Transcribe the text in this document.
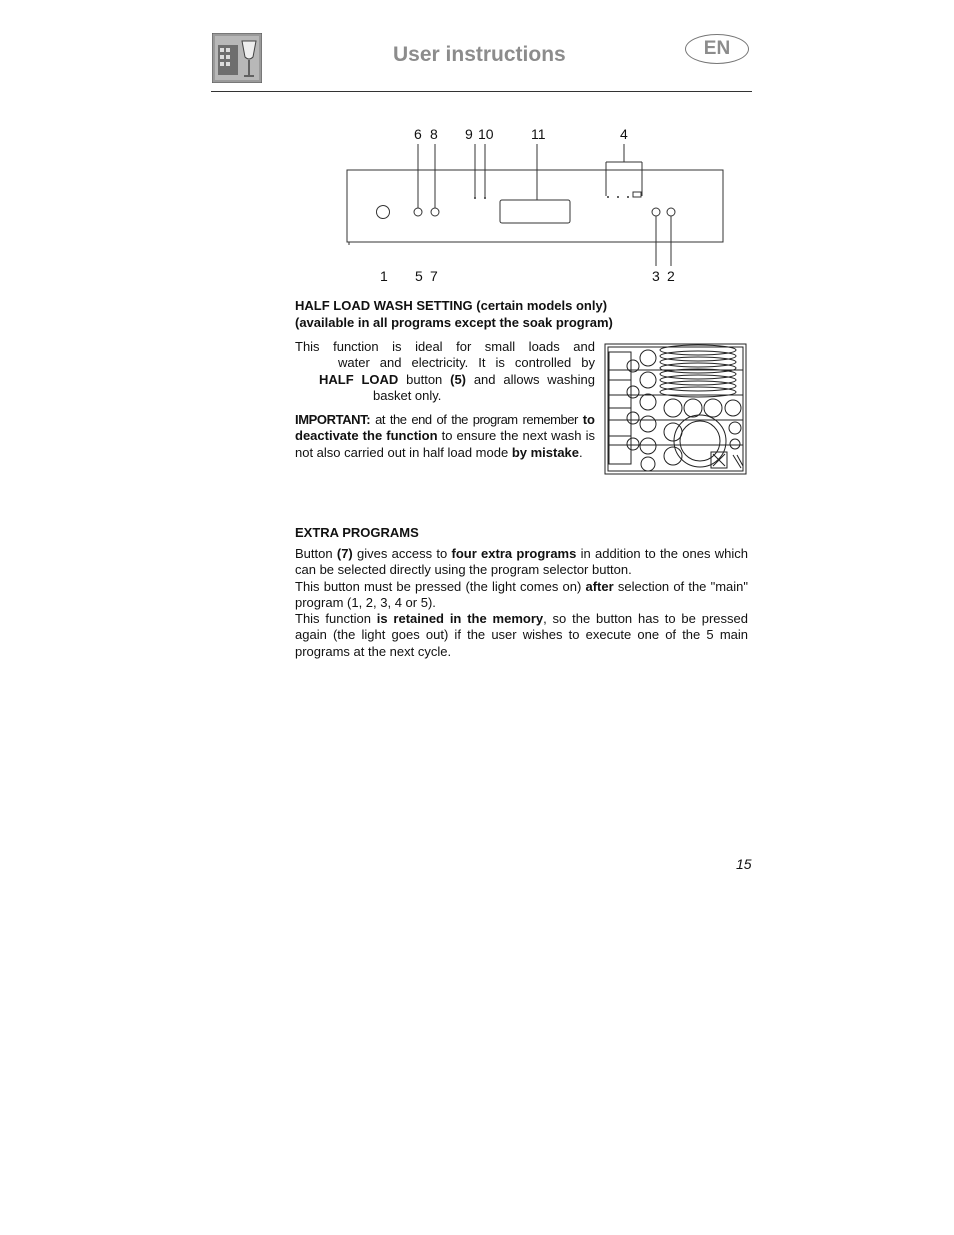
User instructions	EN
6 8 9 10	11	4
1 5 7	3 2
HALF LOAD WASH SETTING (certain models only)
(available in all programs except the soak program)
This function is ideal for small loads and
water and electricity. It is controlled by
HALF LOAD button (5) and allows washing
basket only.
IMPORTANT: at the end of the program remember to deactivate the function to ensure the next wash is not also carried out in half load mode by mistake.
EXTRA PROGRAMS

Button (7) gives access to four extra programs in addition to the ones which can be selected directly using the program selector button.

This button must be pressed (the light comes on) after selection of the "main" program (1, 2, 3, 4 or 5).

This function is retained in the memory, so the button has to be pressed again (the light goes out) if the user wishes to execute one of the 5 main programs at the next cycle.

15
